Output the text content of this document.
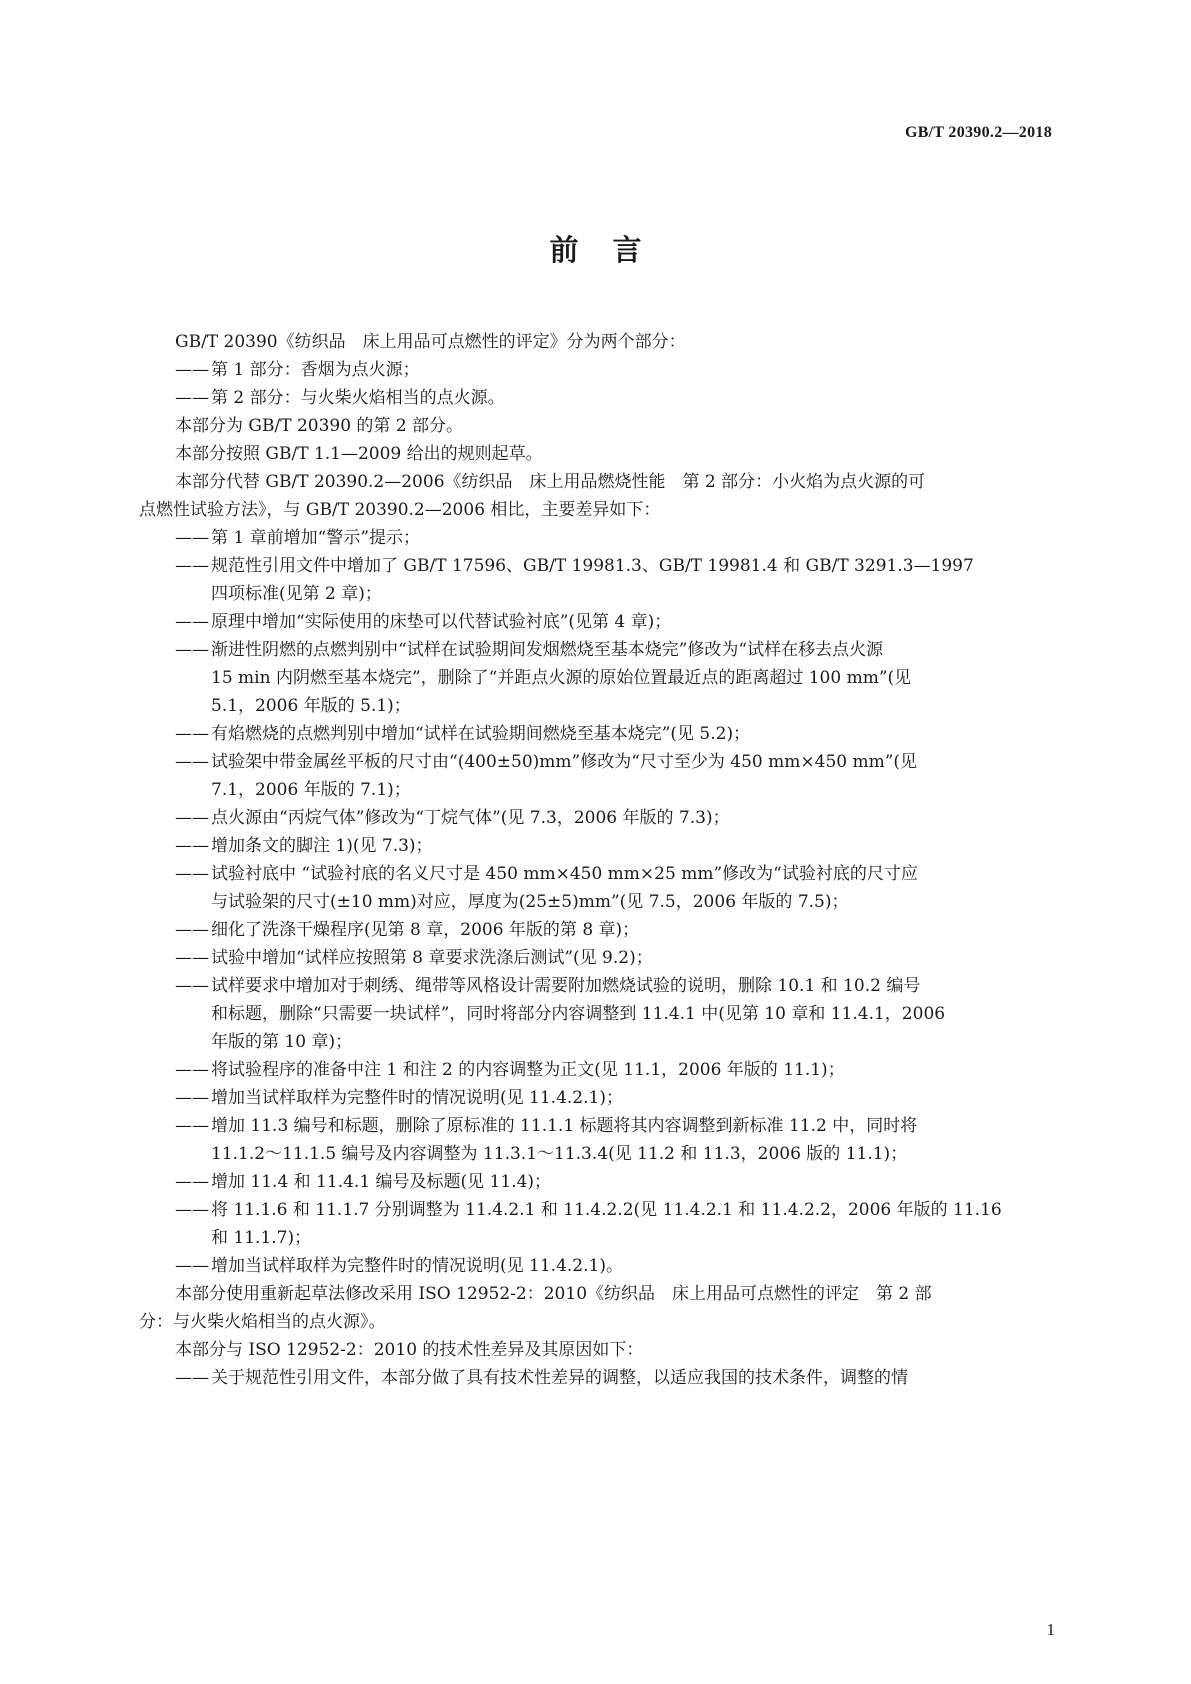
GB/T 20390.2—2018
前言
GB/T 20390《纺织品　床上用品可点燃性的评定》分为两个部分：
—— 第 1 部分：香烟为点火源；
—— 第 2 部分：与火柴火焰相当的点火源。
本部分为 GB/T 20390 的第 2 部分。
本部分按照 GB/T 1.1—2009 给出的规则起草。
本部分代替 GB/T 20390.2—2006《纺织品　床上用品燃烧性能　第 2 部分：小火焰为点火源的可
点燃性试验方法》，与 GB/T 20390.2—2006 相比，主要差异如下：
—— 第 1 章前增加“警示”提示；
—— 规范性引用文件中增加了 GB/T 17596、GB/T 19981.3、GB/T 19981.4 和 GB/T 3291.3—1997
四项标准(见第 2 章)；
—— 原理中增加“实际使用的床垫可以代替试验衬底”(见第 4 章)；
—— 渐进性阴燃的点燃判别中“试样在试验期间发烟燃烧至基本烧完”修改为“试样在移去点火源
15 min 内阴燃至基本烧完”，删除了“并距点火源的原始位置最近点的距离超过 100 mm”(见
5.1，2006 年版的 5.1)；
—— 有焰燃烧的点燃判别中增加“试样在试验期间燃烧至基本烧完”(见 5.2)；
—— 试验架中带金属丝平板的尺寸由“(400±50)mm”修改为“尺寸至少为 450 mm×450 mm”(见
7.1，2006 年版的 7.1)；
—— 点火源由“丙烷气体”修改为“丁烷气体”(见 7.3，2006 年版的 7.3)；
—— 增加条文的脚注 1)(见 7.3)；
—— 试验衬底中 “试验衬底的名义尺寸是 450 mm×450 mm×25 mm”修改为“试验衬底的尺寸应
与试验架的尺寸(±10 mm)对应，厚度为(25±5)mm”(见 7.5，2006 年版的 7.5)；
—— 细化了洗涤干燥程序(见第 8 章，2006 年版的第 8 章)；
—— 试验中增加“试样应按照第 8 章要求洗涤后测试”(见 9.2)；
—— 试样要求中增加对于刺绣、绳带等风格设计需要附加燃烧试验的说明，删除 10.1 和 10.2 编号
和标题，删除“只需要一块试样”，同时将部分内容调整到 11.4.1 中(见第 10 章和 11.4.1，2006
年版的第 10 章)；
—— 将试验程序的准备中注 1 和注 2 的内容调整为正文(见 11.1，2006 年版的 11.1)；
—— 增加当试样取样为完整件时的情况说明(见 11.4.2.1)；
—— 增加 11.3 编号和标题，删除了原标准的 11.1.1 标题将其内容调整到新标准 11.2 中，同时将
11.1.2～11.1.5 编号及内容调整为 11.3.1～11.3.4(见 11.2 和 11.3，2006 版的 11.1)；
—— 增加 11.4 和 11.4.1 编号及标题(见 11.4)；
—— 将 11.1.6 和 11.1.7 分别调整为 11.4.2.1 和 11.4.2.2(见 11.4.2.1 和 11.4.2.2，2006 年版的 11.16
和 11.1.7)；
—— 增加当试样取样为完整件时的情况说明(见 11.4.2.1)。
本部分使用重新起草法修改采用 ISO 12952-2：2010《纺织品　床上用品可点燃性的评定　第 2 部
分：与火柴火焰相当的点火源》。
本部分与 ISO 12952-2：2010 的技术性差异及其原因如下：
—— 关于规范性引用文件，本部分做了具有技术性差异的调整，以适应我国的技术条件，调整的情
1
